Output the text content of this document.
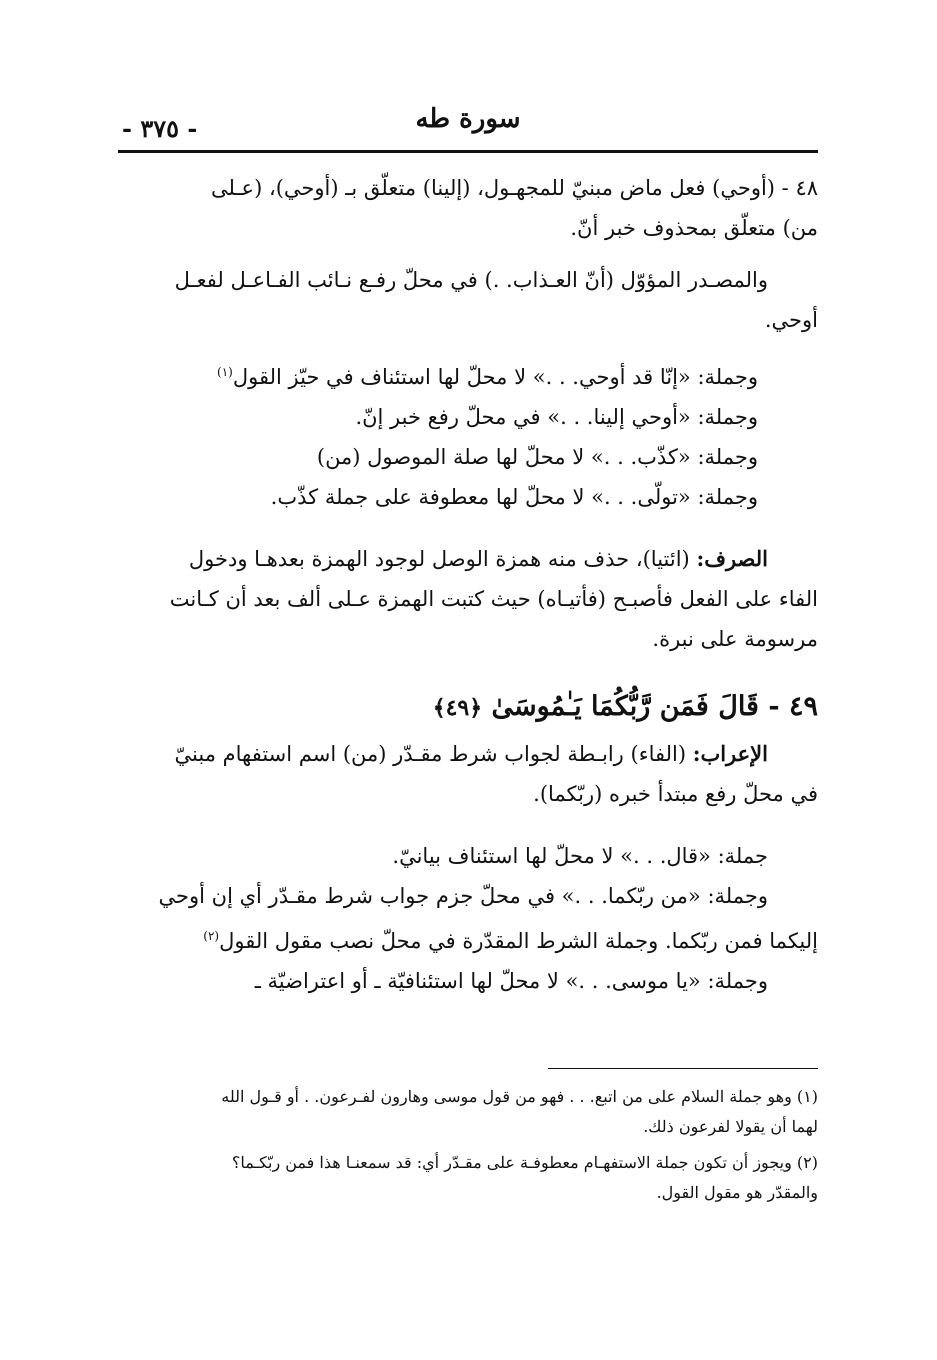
- ٣٧٥ -	سورة طه

٤٨ - (أوحي) فعل ماض مبنيّ للمجهـول، (إلينا) متعلّق بـ (أوحي)، (عـلى

من) متعلّق بمحذوف خبر أنّ.

والمصـدر المؤوّل (أنّ العـذاب. .) في محلّ رفـع نـائب الفـاعـل لفعـل

أوحي.

وجملة: «إنّا قد أوحي. . .» لا محلّ لها استئناف في حيّز القول$^{(١)}$

وجملة: «أوحي إلينا. . .» في محلّ رفع خبر إنّ.

وجملة: «كذّب. . .» لا محلّ لها صلة الموصول (من)

وجملة: «تولّى. . .» لا محلّ لها معطوفة على جملة كذّب.

الصرف: (ائتيا)، حذف منه همزة الوصل لوجود الهمزة بعدهـا ودخول

الفاء على الفعل فأصبـح (فأتيـاه) حيث كتبت الهمزة عـلى ألف بعد أن كـانت

مرسومة على نبرة.

٤٩ - قَالَ فَمَن رَّبُّكُمَا يَـٰمُوسَىٰ ﴿٤٩﴾

الإعراب: (الفاء) رابـطة لجواب شرط مقـدّر (من) اسم استفهام مبنيّ

في محلّ رفع مبتدأ خبره (ربّكما).

جملة: «قال. . .» لا محلّ لها استئناف بيانيّ.

وجملة: «من ربّكما. . .» في محلّ جزم جواب شرط مقـدّر أي إن أوحي

إليكما فمن ربّكما. وجملة الشرط المقدّرة في محلّ نصب مقول القول$^{(٢)}$

وجملة: «يا موسى. . .» لا محلّ لها استئنافيّة ـ أو اعتراضيّة ـ

(١) وهو جملة السلام على من اتبع. . . فهو من قول موسى وهارون لفـرعون. . أو قـول الله

لهما أن يقولا لفرعون ذلك.

(٢) ويجوز أن تكون جملة الاستفهـام معطوفـة على مقـدّر أي: قد سمعنـا هذا فمن ربّكـما؟

والمقدّر هو مقول القول.
